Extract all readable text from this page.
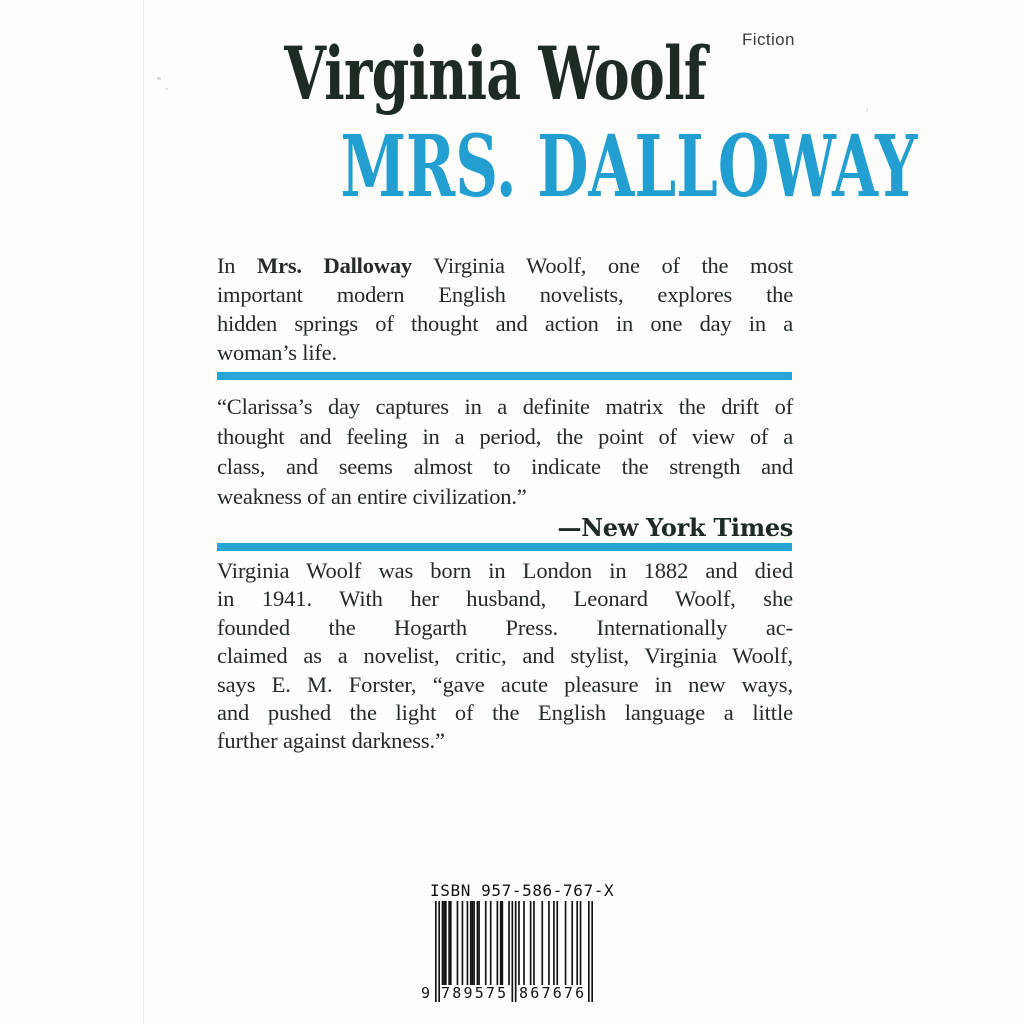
Fiction
Virginia Woolf
MRS. DALLOWAY
In Mrs. Dalloway Virginia Woolf, one of the most
important modern English novelists, explores the
hidden springs of thought and action in one day in a
woman’s life.
“Clarissa’s day captures in a definite matrix the drift of
thought and feeling in a period, the point of view of a
class, and seems almost to indicate the strength and
weakness of an entire civilization.”
—New York Times
Virginia Woolf was born in London in 1882 and died
in 1941. With her husband, Leonard Woolf, she
founded the Hogarth Press. Internationally ac-
claimed as a novelist, critic, and stylist, Virginia Woolf,
says E. M. Forster, “gave acute pleasure in new ways,
and pushed the light of the English language a little
further against darkness.”
ISBN 957-586-767-X
9 789575 867676
